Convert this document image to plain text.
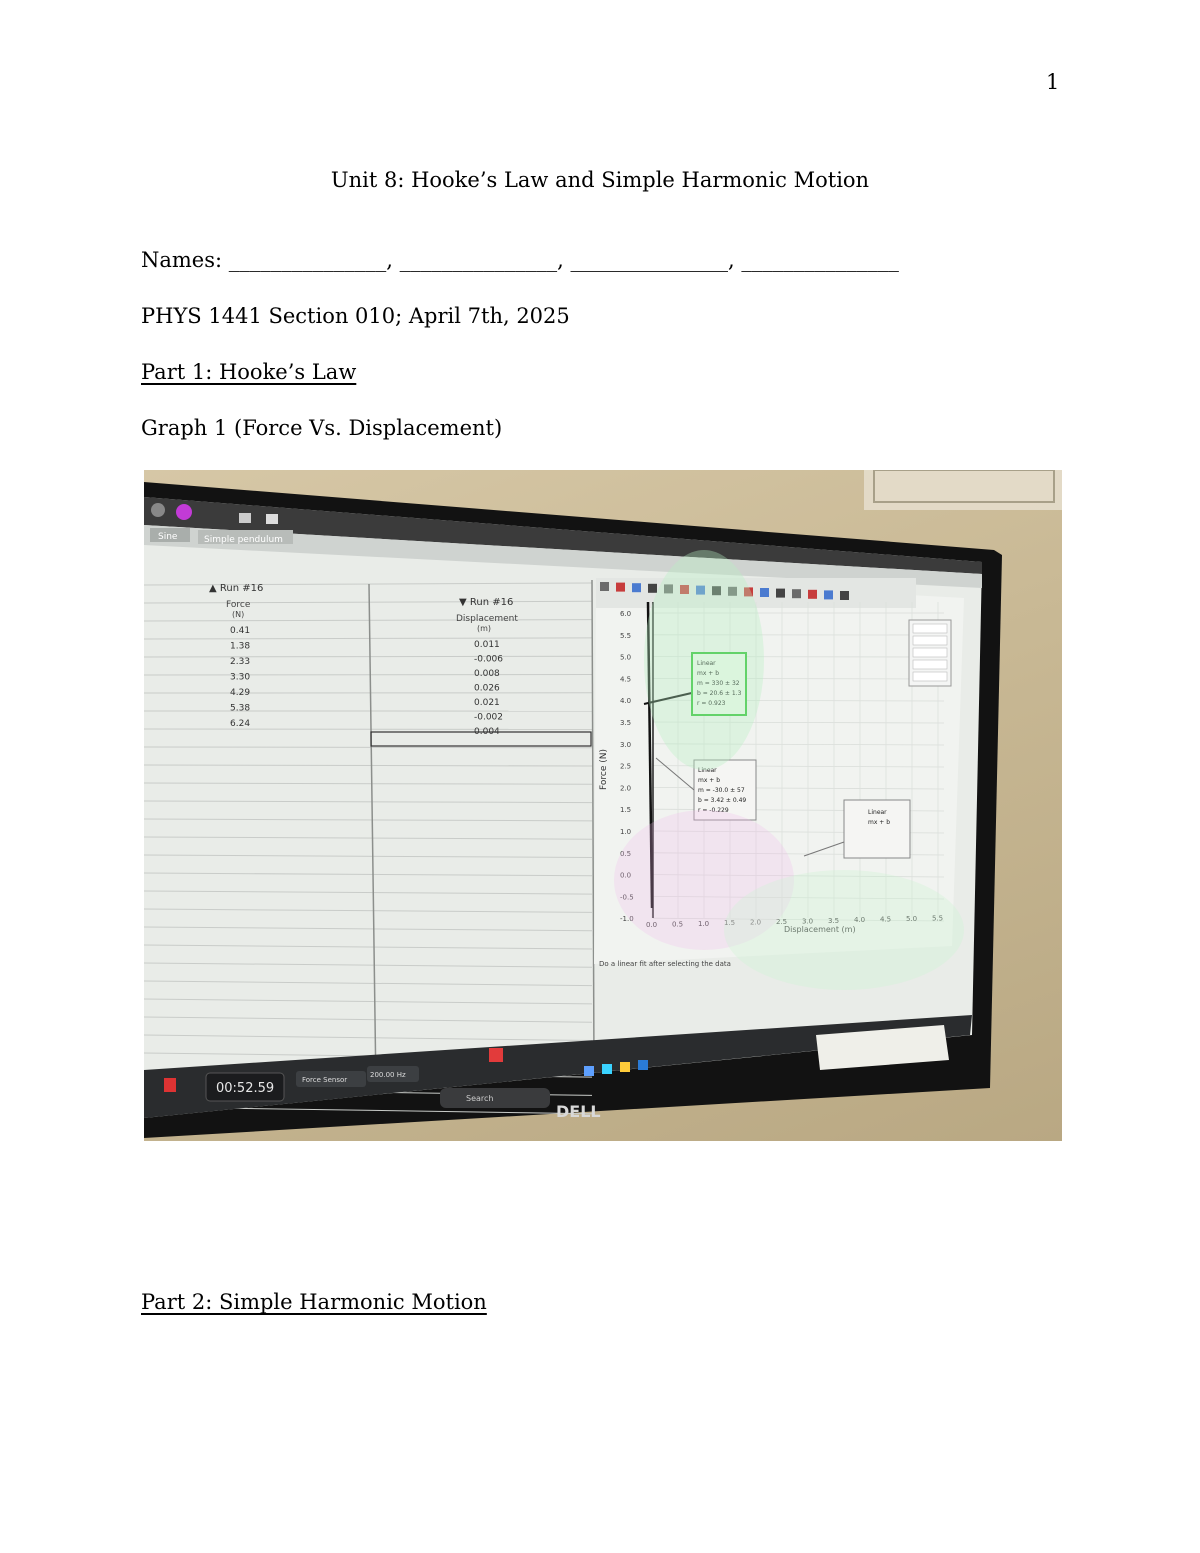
1
Unit 8: Hooke’s Law and Simple Harmonic Motion
Names: _______________, _______________, _______________, _______________
PHYS 1441 Section 010; April 7th, 2025
Part 1: Hooke’s Law
Graph 1 (Force Vs. Displacement)
Sine	Simple pendulum
▲ Run #16
Force
(N)
0.41
1.38
2.33
3.30
4.29
5.38
6.24
▼ Run #16
Displacement
(m)
0.011
-0.006
0.008
0.026
0.021
-0.002
0.004
6.0
5.5
5.0
4.5
4.0
3.5
3.0
2.5
2.0
1.5
1.0
0.5
0.0
-0.5
-1.0
0.0 0.5 1.0 1.5 2.0 2.5 3.0 3.5 4.0 4.5 5.0 5.5
Force (N)
Displacement (m)
Linear
mx + b
m = 330 ± 32
b = 20.6 ± 1.3
r = 0.923
Linear
mx + b
m = -30.0 ± 57
b = 3.42 ± 0.49
r = -0.229	Linear
mx + b
Do a linear fit after selecting the data
00:52.59
Force Sensor
200.00 Hz
Search
DELL
Part 2: Simple Harmonic Motion
